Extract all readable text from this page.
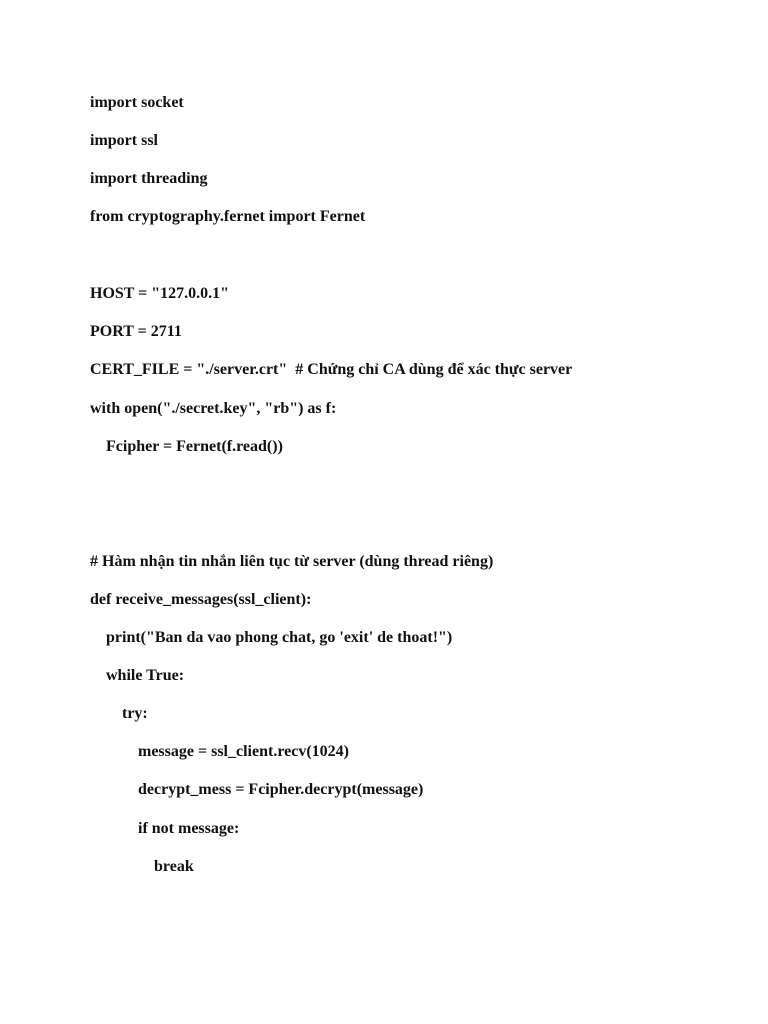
import socket
import ssl
import threading
from cryptography.fernet import Fernet
HOST = "127.0.0.1"
PORT = 2711
CERT_FILE = "./server.crt"  # Chứng chỉ CA dùng để xác thực server
with open("./secret.key", "rb") as f:
Fcipher = Fernet(f.read())
# Hàm nhận tin nhắn liên tục từ server (dùng thread riêng)
def receive_messages(ssl_client):
print("Ban da vao phong chat, go 'exit' de thoat!")
while True:
try:
message = ssl_client.recv(1024)
decrypt_mess = Fcipher.decrypt(message)
if not message:
break
